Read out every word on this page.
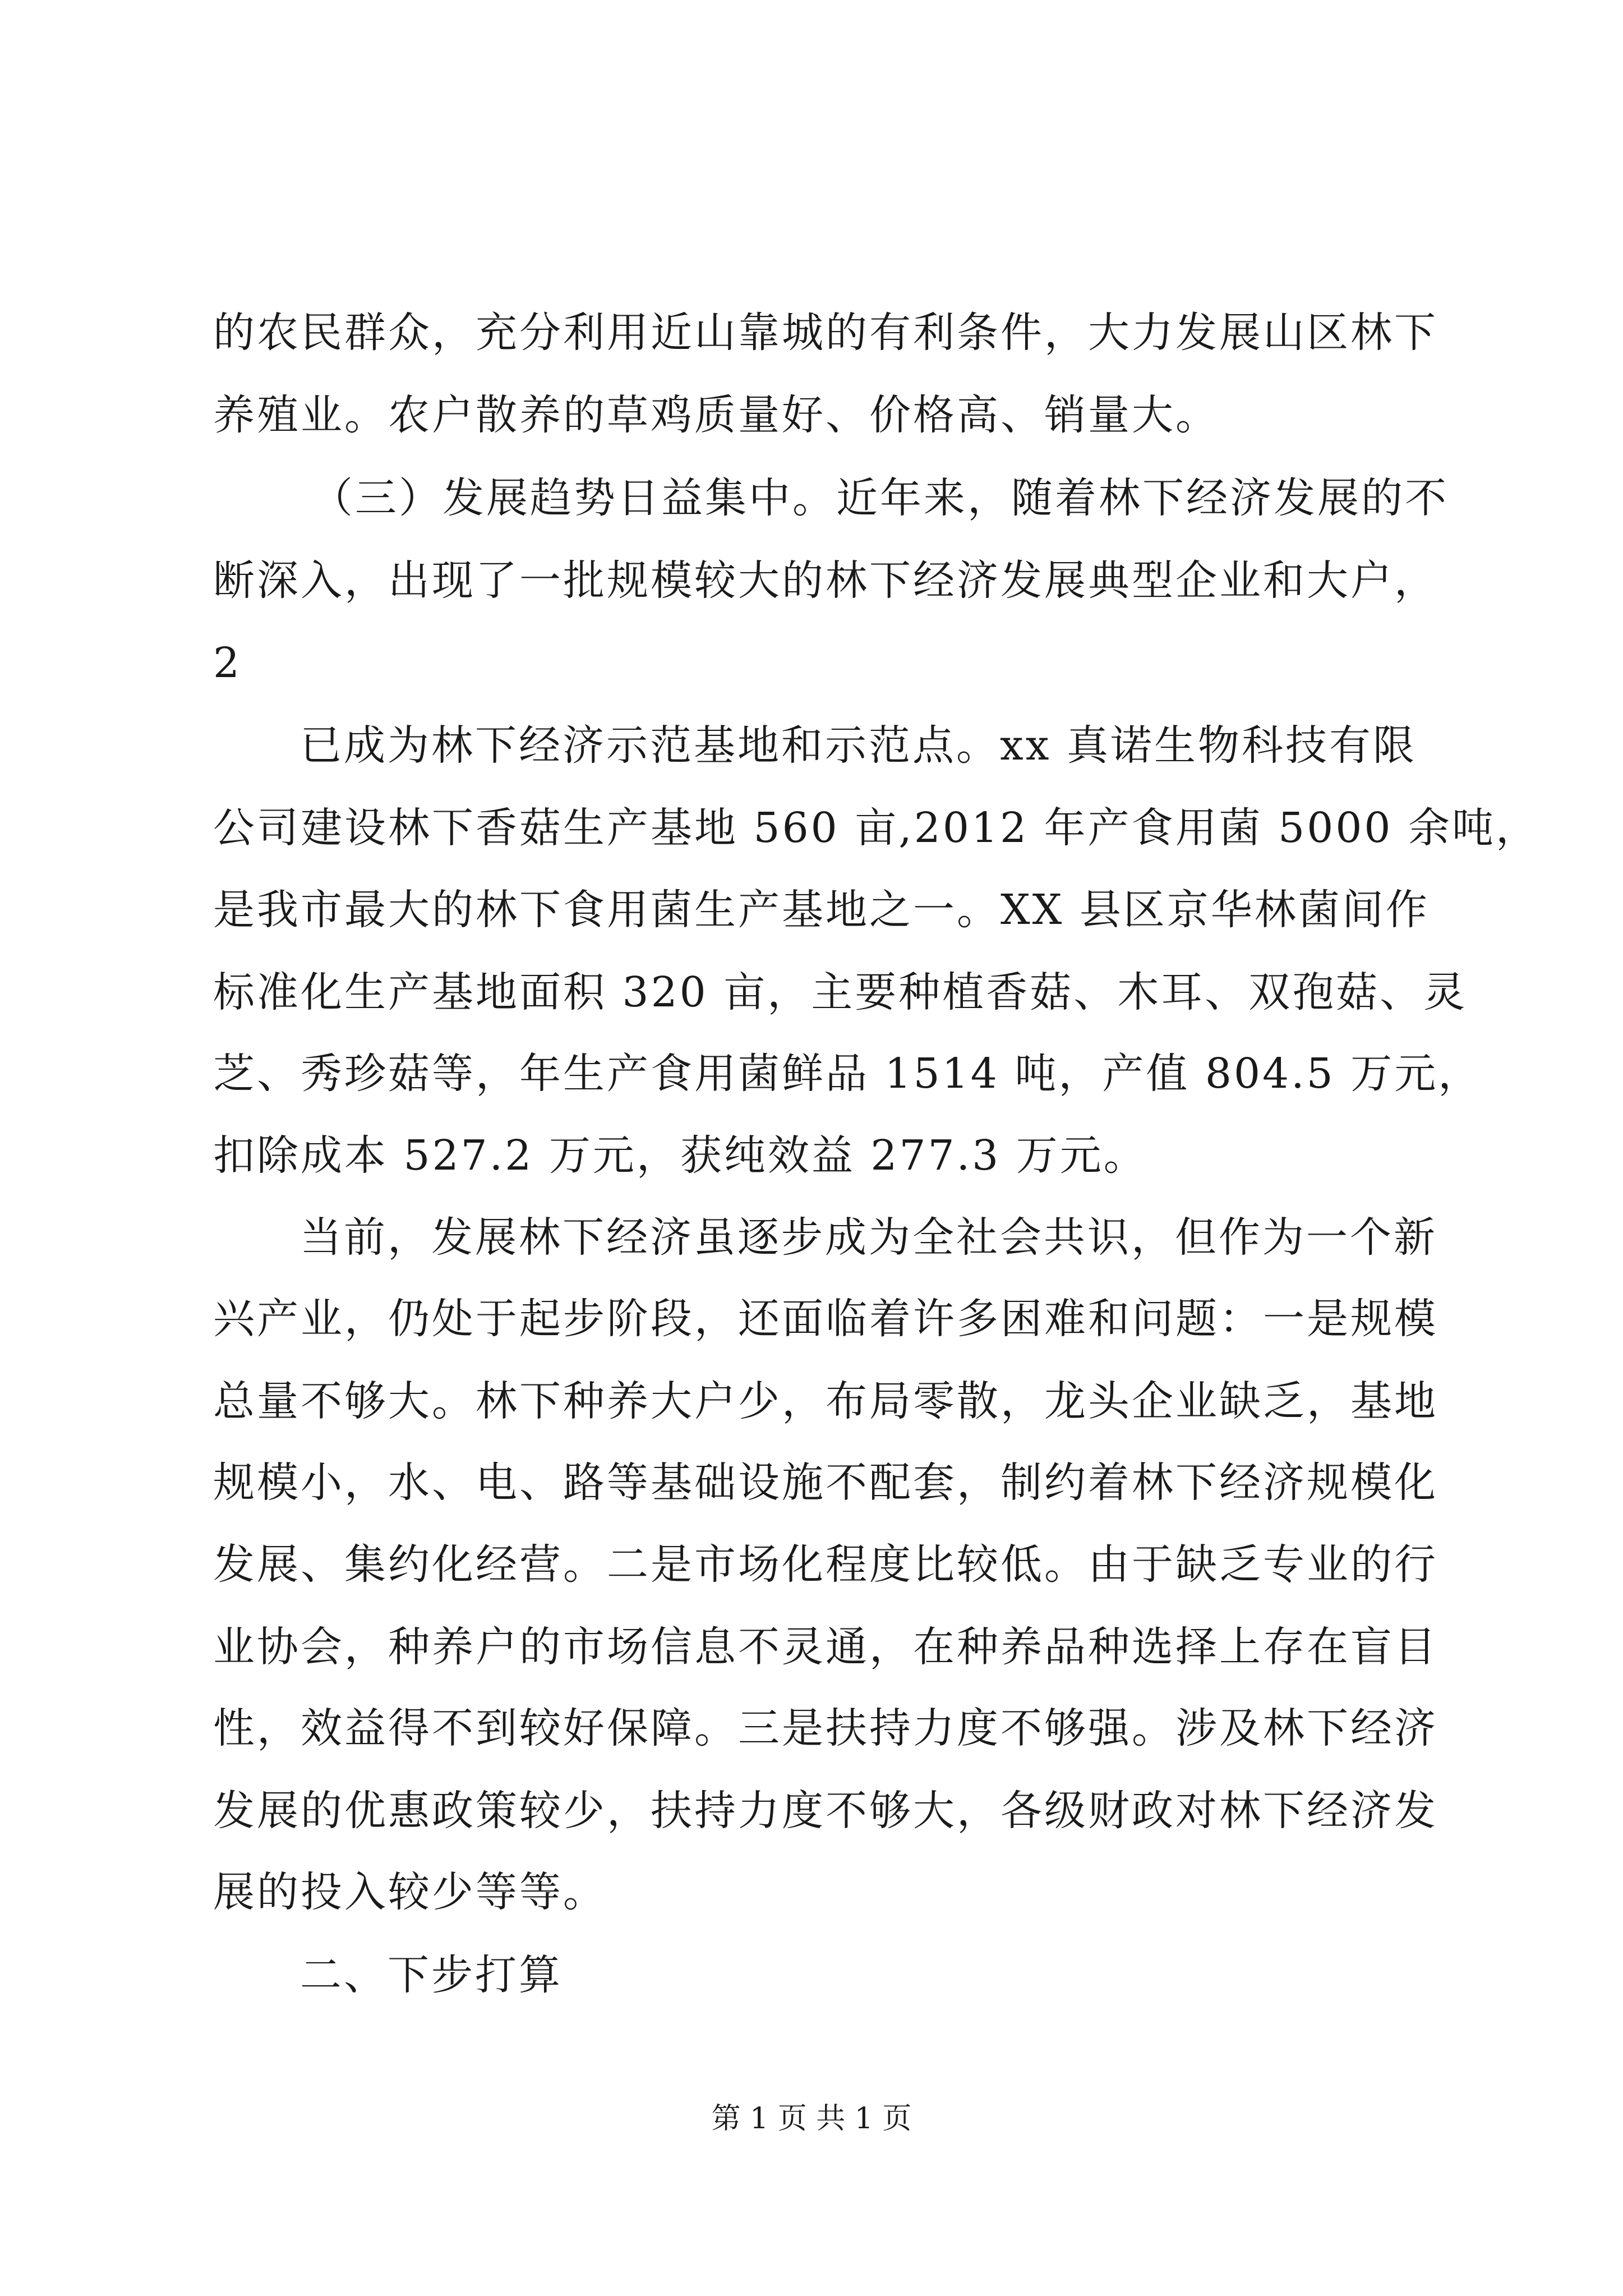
的农民群众，充分利用近山靠城的有利条件，大力发展山区林下
养殖业。农户散养的草鸡质量好、价格高、销量大。
（三）发展趋势日益集中。近年来，随着林下经济发展的不
断深入，出现了一批规模较大的林下经济发展典型企业和大户，
2
已成为林下经济示范基地和示范点。xx 真诺生物科技有限
公司建设林下香菇生产基地 560 亩,2012 年产食用菌 5000 余吨，
是我市最大的林下食用菌生产基地之一。XX 县区京华林菌间作
标准化生产基地面积 320 亩，主要种植香菇、木耳、双孢菇、灵
芝、秀珍菇等，年生产食用菌鲜品 1514 吨，产值 804.5 万元，
扣除成本 527.2 万元，获纯效益 277.3 万元。
当前，发展林下经济虽逐步成为全社会共识，但作为一个新
兴产业，仍处于起步阶段，还面临着许多困难和问题：一是规模
总量不够大。林下种养大户少，布局零散，龙头企业缺乏，基地
规模小，水、电、路等基础设施不配套，制约着林下经济规模化
发展、集约化经营。二是市场化程度比较低。由于缺乏专业的行
业协会，种养户的市场信息不灵通，在种养品种选择上存在盲目
性，效益得不到较好保障。三是扶持力度不够强。涉及林下经济
发展的优惠政策较少，扶持力度不够大，各级财政对林下经济发
展的投入较少等等。
二、下步打算
第 1 页 共 1 页
